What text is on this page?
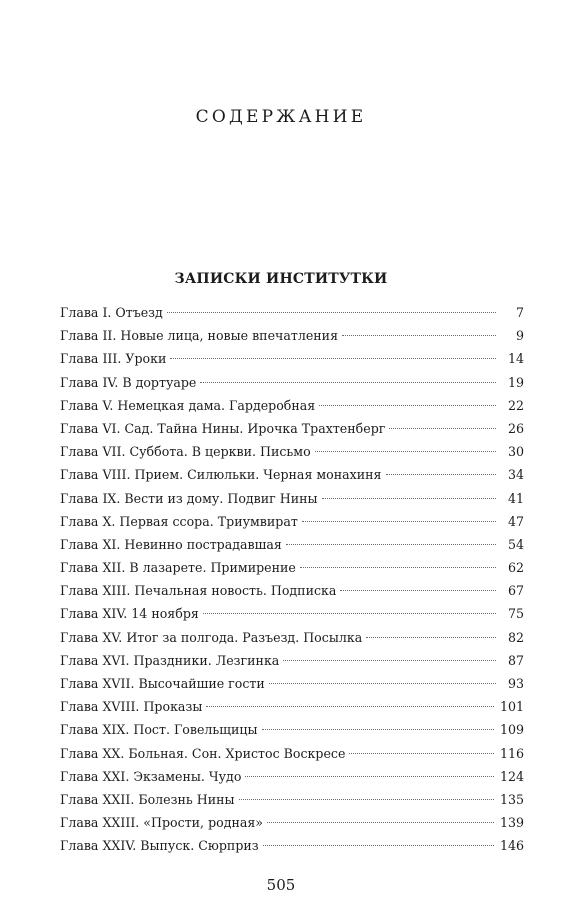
СОДЕРЖАНИЕ
ЗАПИСКИ ИНСТИТУТКИ
Глава I. Отъезд	7
Глава II. Новые лица, новые впечатления	9
Глава III. Уроки	14
Глава IV. В дортуаре	19
Глава V. Немецкая дама. Гардеробная	22
Глава VI. Сад. Тайна Нины. Ирочка Трахтенберг	26
Глава VII. Суббота. В церкви. Письмо	30
Глава VIII. Прием. Силюльки. Черная монахиня	34
Глава IX. Вести из дому. Подвиг Нины	41
Глава X. Первая ссора. Триумвират	47
Глава XI. Невинно пострадавшая	54
Глава XII. В лазарете. Примирение	62
Глава XIII. Печальная новость. Подписка	67
Глава XIV. 14 ноября	75
Глава XV. Итог за полгода. Разъезд. Посылка	82
Глава XVI. Праздники. Лезгинка	87
Глава XVII. Высочайшие гости	93
Глава XVIII. Проказы	101
Глава XIX. Пост. Говельщицы	109
Глава XX. Больная. Сон. Христос Воскресе	116
Глава XXI. Экзамены. Чудо	124
Глава XXII. Болезнь Нины	135
Глава XXIII. «Прости, родная»	139
Глава XXIV. Выпуск. Сюрприз	146
505
